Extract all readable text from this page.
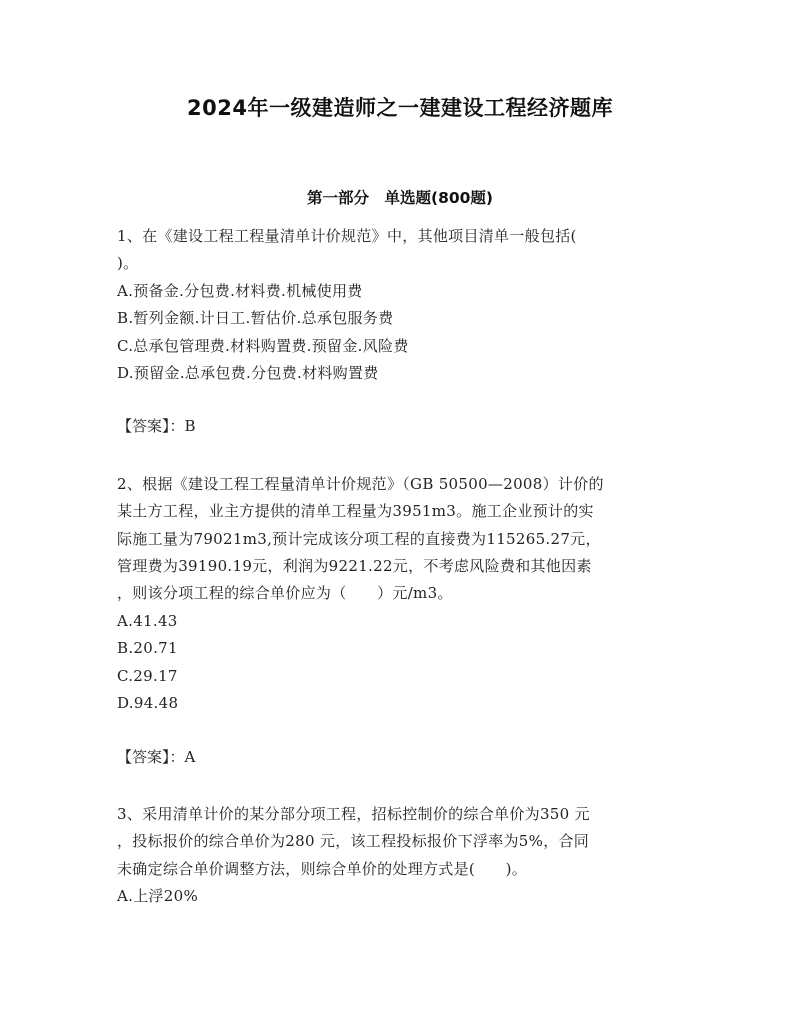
2024年一级建造师之一建建设工程经济题库
第一部分　单选题(800题)
1、在《建设工程工程量清单计价规范》中，其他项目清单一般包括(
)。
A.预备金.分包费.材料费.机械使用费
B.暂列金额.计日工.暂估价.总承包服务费
C.总承包管理费.材料购置费.预留金.风险费
D.预留金.总承包费.分包费.材料购置费
【答案】：B
2、根据《建设工程工程量清单计价规范》（GB 50500—2008）计价的
某土方工程，业主方提供的清单工程量为3951m3。施工企业预计的实
际施工量为79021m3,预计完成该分项工程的直接费为115265.27元，
管理费为39190.19元，利润为9221.22元，不考虑风险费和其他因素
，则该分项工程的综合单价应为（　　）元/m3。
A.41.43
B.20.71
C.29.17
D.94.48
【答案】：A
3、采用清单计价的某分部分项工程，招标控制价的综合单价为350 元
，投标报价的综合单价为280 元，该工程投标报价下浮率为5%，合同
未确定综合单价调整方法，则综合单价的处理方式是(　　)。
A.上浮20%
